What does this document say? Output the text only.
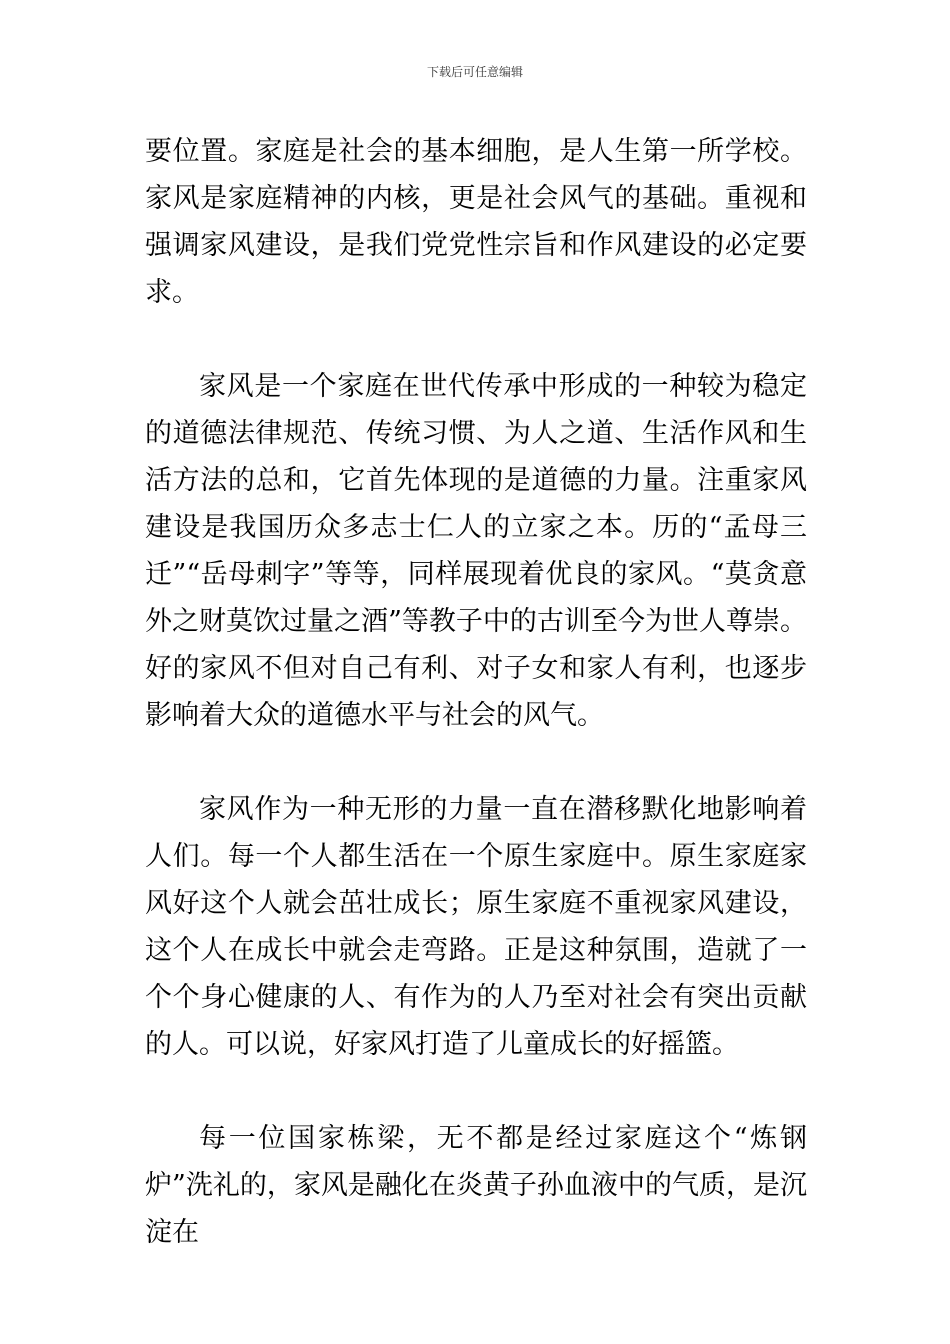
下载后可任意编辑

要位置。家庭是社会的基本细胞，是人生第一所学校。家风是家庭精神的内核，更是社会风气的基础。重视和强调家风建设，是我们党党性宗旨和作风建设的必定要求。

家风是一个家庭在世代传承中形成的一种较为稳定的道德法律规范、传统习惯、为人之道、生活作风和生活方法的总和，它首先体现的是道德的力量。注重家风建设是我国历众多志士仁人的立家之本。历的“孟母三迁”“岳母刺字”等等，同样展现着优良的家风。“莫贪意外之财莫饮过量之酒”等教子中的古训至今为世人尊崇。好的家风不但对自己有利、对子女和家人有利，也逐步影响着大众的道德水平与社会的风气。

家风作为一种无形的力量一直在潜移默化地影响着人们。每一个人都生活在一个原生家庭中。原生家庭家风好这个人就会茁壮成长；原生家庭不重视家风建设，这个人在成长中就会走弯路。正是这种氛围，造就了一个个身心健康的人、有作为的人乃至对社会有突出贡献的人。可以说，好家风打造了儿童成长的好摇篮。

每一位国家栋梁，无不都是经过家庭这个“炼钢炉”洗礼的，家风是融化在炎黄子孙血液中的气质，是沉淀在
